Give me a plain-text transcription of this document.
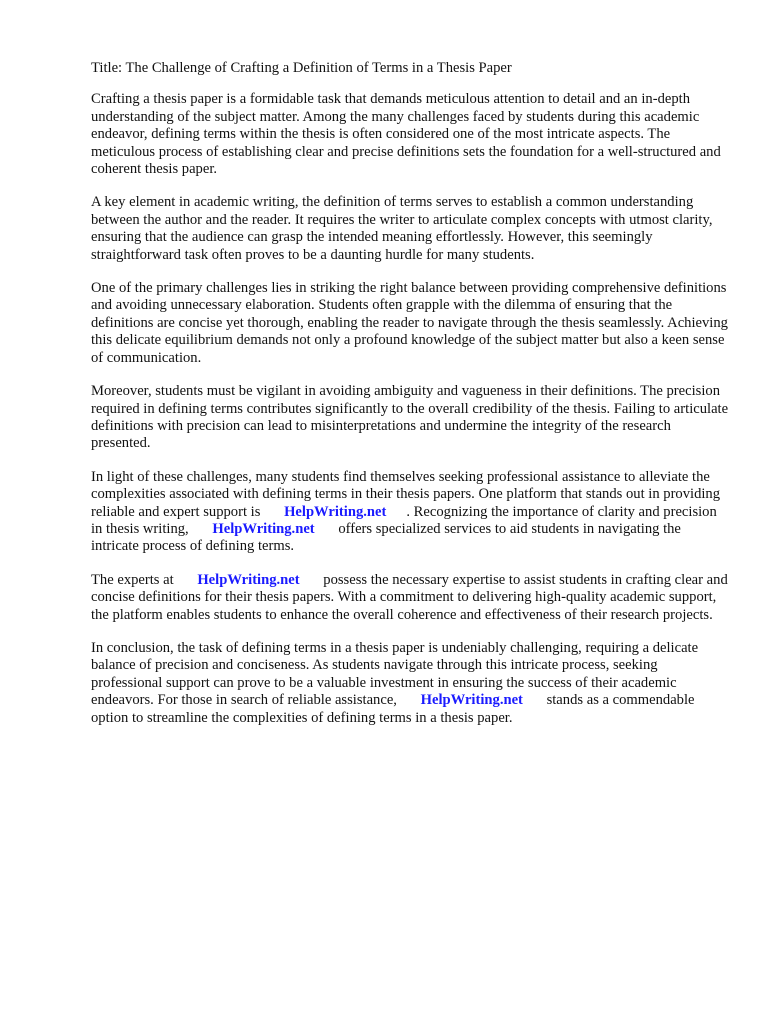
Title: The Challenge of Crafting a Definition of Terms in a Thesis Paper

Crafting a thesis paper is a formidable task that demands meticulous attention to detail and an in-depth understanding of the subject matter. Among the many challenges faced by students during this academic endeavor, defining terms within the thesis is often considered one of the most intricate aspects. The meticulous process of establishing clear and precise definitions sets the foundation for a well-structured and coherent thesis paper.

A key element in academic writing, the definition of terms serves to establish a common understanding between the author and the reader. It requires the writer to articulate complex concepts with utmost clarity, ensuring that the audience can grasp the intended meaning effortlessly. However, this seemingly straightforward task often proves to be a daunting hurdle for many students.

One of the primary challenges lies in striking the right balance between providing comprehensive definitions and avoiding unnecessary elaboration. Students often grapple with the dilemma of ensuring that the definitions are concise yet thorough, enabling the reader to navigate through the thesis seamlessly. Achieving this delicate equilibrium demands not only a profound knowledge of the subject matter but also a keen sense of communication.

Moreover, students must be vigilant in avoiding ambiguity and vagueness in their definitions. The precision required in defining terms contributes significantly to the overall credibility of the thesis. Failing to articulate definitions with precision can lead to misinterpretations and undermine the integrity of the research presented.

In light of these challenges, many students find themselves seeking professional assistance to alleviate the complexities associated with defining terms in their thesis papers. One platform that stands out in providing reliable and expert support is HelpWriting.net . Recognizing the importance of clarity and precision in thesis writing, HelpWriting.net offers specialized services to aid students in navigating the intricate process of defining terms.

The experts at HelpWriting.net possess the necessary expertise to assist students in crafting clear and concise definitions for their thesis papers. With a commitment to delivering high-quality academic support, the platform enables students to enhance the overall coherence and effectiveness of their research projects.

In conclusion, the task of defining terms in a thesis paper is undeniably challenging, requiring a delicate balance of precision and conciseness. As students navigate through this intricate process, seeking professional support can prove to be a valuable investment in ensuring the success of their academic endeavors. For those in search of reliable assistance, HelpWriting.net stands as a commendable option to streamline the complexities of defining terms in a thesis paper.
